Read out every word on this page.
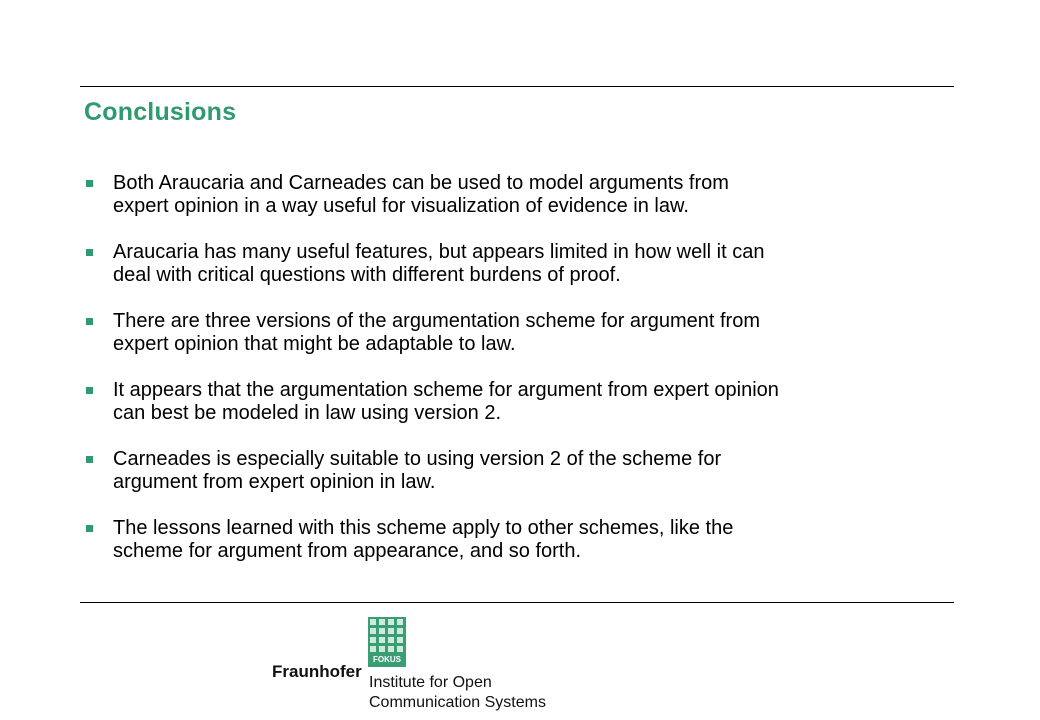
Conclusions
Both Araucaria and Carneades can be used to model arguments from
expert opinion in a way useful for visualization of evidence in law.
Araucaria has many useful features, but appears limited in how well it can
deal with critical questions with different burdens of proof.
There are three versions of the argumentation scheme for argument from
expert opinion that might be adaptable to law.
It appears that the argumentation scheme for argument from expert opinion
can best be modeled in law using version 2.
Carneades is especially suitable to using version 2 of the scheme for
argument from expert opinion in law.
The lessons learned with this scheme apply to other schemes, like the
scheme for argument from appearance, and so forth.
FOKUS
Fraunhofer
Institute for Open
Communication Systems
